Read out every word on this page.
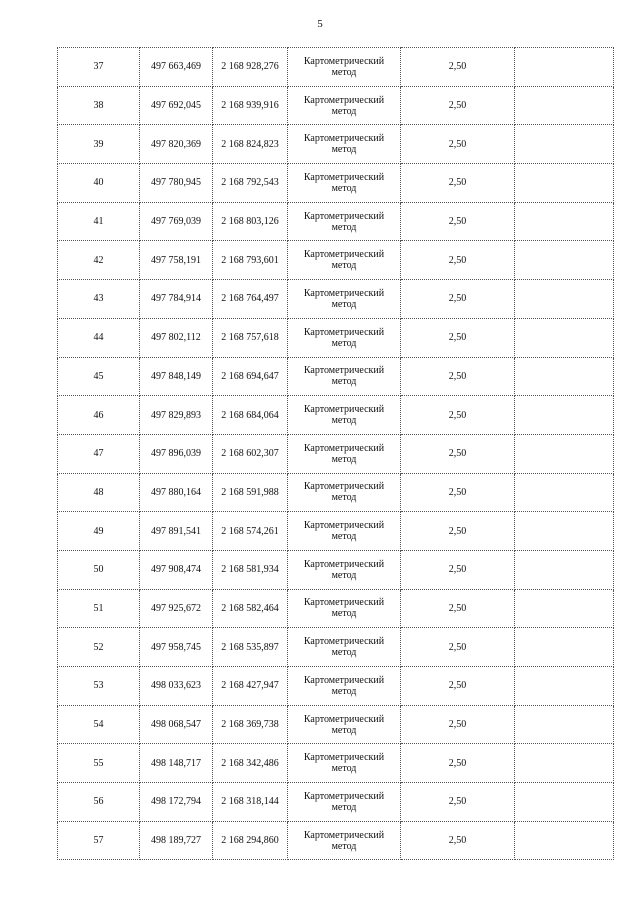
5
37	497 663,469	2 168 928,276	Картометрический
метод	2,50	
38	497 692,045	2 168 939,916	Картометрический
метод	2,50	
39	497 820,369	2 168 824,823	Картометрический
метод	2,50	
40	497 780,945	2 168 792,543	Картометрический
метод	2,50	
41	497 769,039	2 168 803,126	Картометрический
метод	2,50	
42	497 758,191	2 168 793,601	Картометрический
метод	2,50	
43	497 784,914	2 168 764,497	Картометрический
метод	2,50	
44	497 802,112	2 168 757,618	Картометрический
метод	2,50	
45	497 848,149	2 168 694,647	Картометрический
метод	2,50	
46	497 829,893	2 168 684,064	Картометрический
метод	2,50	
47	497 896,039	2 168 602,307	Картометрический
метод	2,50	
48	497 880,164	2 168 591,988	Картометрический
метод	2,50	
49	497 891,541	2 168 574,261	Картометрический
метод	2,50	
50	497 908,474	2 168 581,934	Картометрический
метод	2,50	
51	497 925,672	2 168 582,464	Картометрический
метод	2,50	
52	497 958,745	2 168 535,897	Картометрический
метод	2,50	
53	498 033,623	2 168 427,947	Картометрический
метод	2,50	
54	498 068,547	2 168 369,738	Картометрический
метод	2,50	
55	498 148,717	2 168 342,486	Картометрический
метод	2,50	
56	498 172,794	2 168 318,144	Картометрический
метод	2,50	
57	498 189,727	2 168 294,860	Картометрический
метод	2,50	
